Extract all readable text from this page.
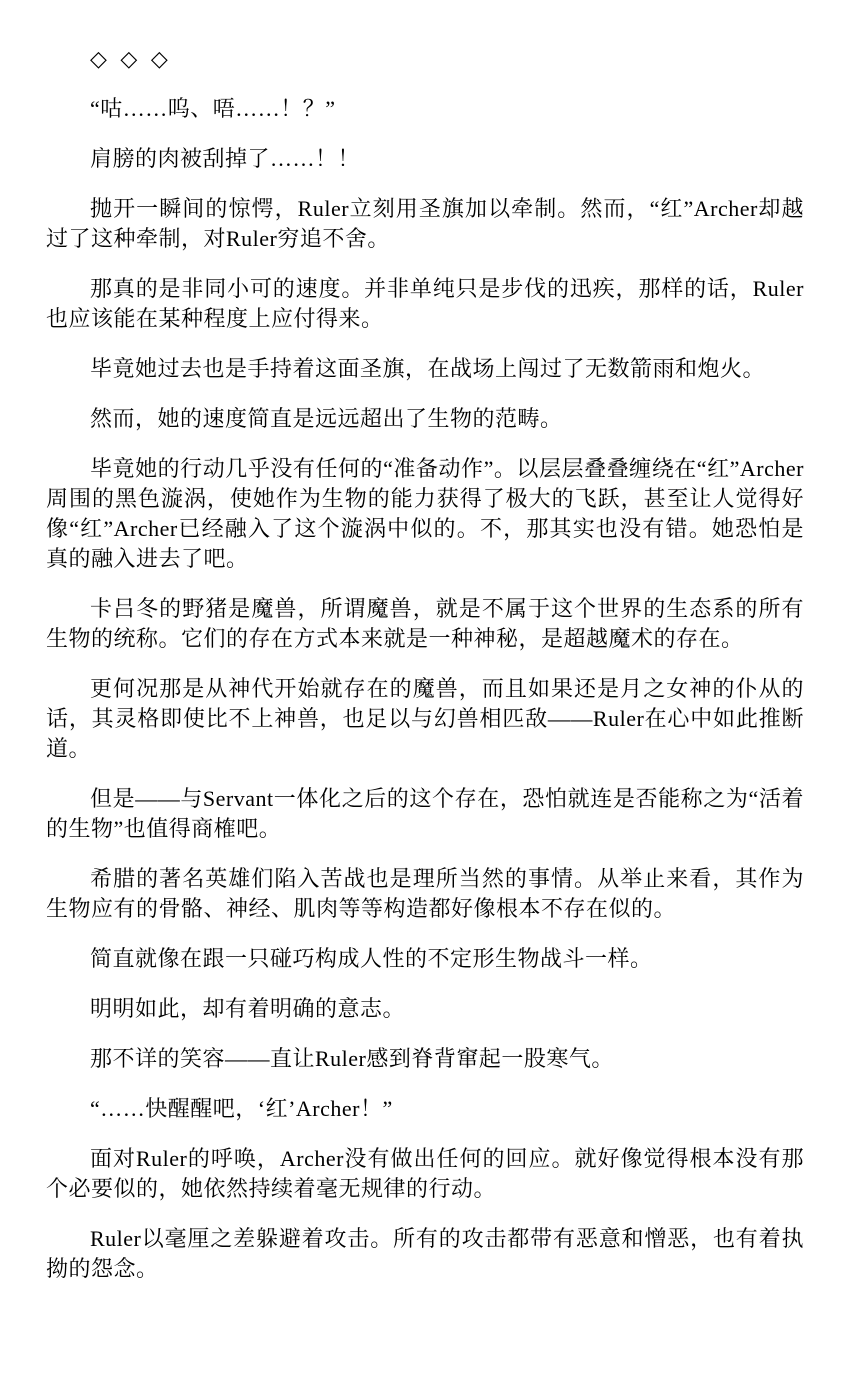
◇ ◇ ◇

“咕……呜、唔……！？”

肩膀的肉被刮掉了……！！

抛开一瞬间的惊愕，Ruler立刻用圣旗加以牵制。然而，“红”Archer却越过了这种牵制，对Ruler穷追不舍。

那真的是非同小可的速度。并非单纯只是步伐的迅疾，那样的话，Ruler也应该能在某种程度上应付得来。

毕竟她过去也是手持着这面圣旗，在战场上闯过了无数箭雨和炮火。

然而，她的速度简直是远远超出了生物的范畴。

毕竟她的行动几乎没有任何的“准备动作”。以层层叠叠缠绕在“红”Archer周围的黑色漩涡，使她作为生物的能力获得了极大的飞跃，甚至让人觉得好像“红”Archer已经融入了这个漩涡中似的。不，那其实也没有错。她恐怕是真的融入进去了吧。

卡吕冬的野猪是魔兽，所谓魔兽，就是不属于这个世界的生态系的所有生物的统称。它们的存在方式本来就是一种神秘，是超越魔术的存在。

更何况那是从神代开始就存在的魔兽，而且如果还是月之女神的仆从的话，其灵格即使比不上神兽，也足以与幻兽相匹敌——Ruler在心中如此推断道。

但是——与Servant一体化之后的这个存在，恐怕就连是否能称之为“活着的生物”也值得商榷吧。

希腊的著名英雄们陷入苦战也是理所当然的事情。从举止来看，其作为生物应有的骨骼、神经、肌肉等等构造都好像根本不存在似的。

简直就像在跟一只碰巧构成人性的不定形生物战斗一样。

明明如此，却有着明确的意志。

那不详的笑容——直让Ruler感到脊背窜起一股寒气。

“……快醒醒吧，‘红’Archer！”

面对Ruler的呼唤，Archer没有做出任何的回应。就好像觉得根本没有那个必要似的，她依然持续着毫无规律的行动。

Ruler以毫厘之差躲避着攻击。所有的攻击都带有恶意和憎恶，也有着执拗的怨念。
